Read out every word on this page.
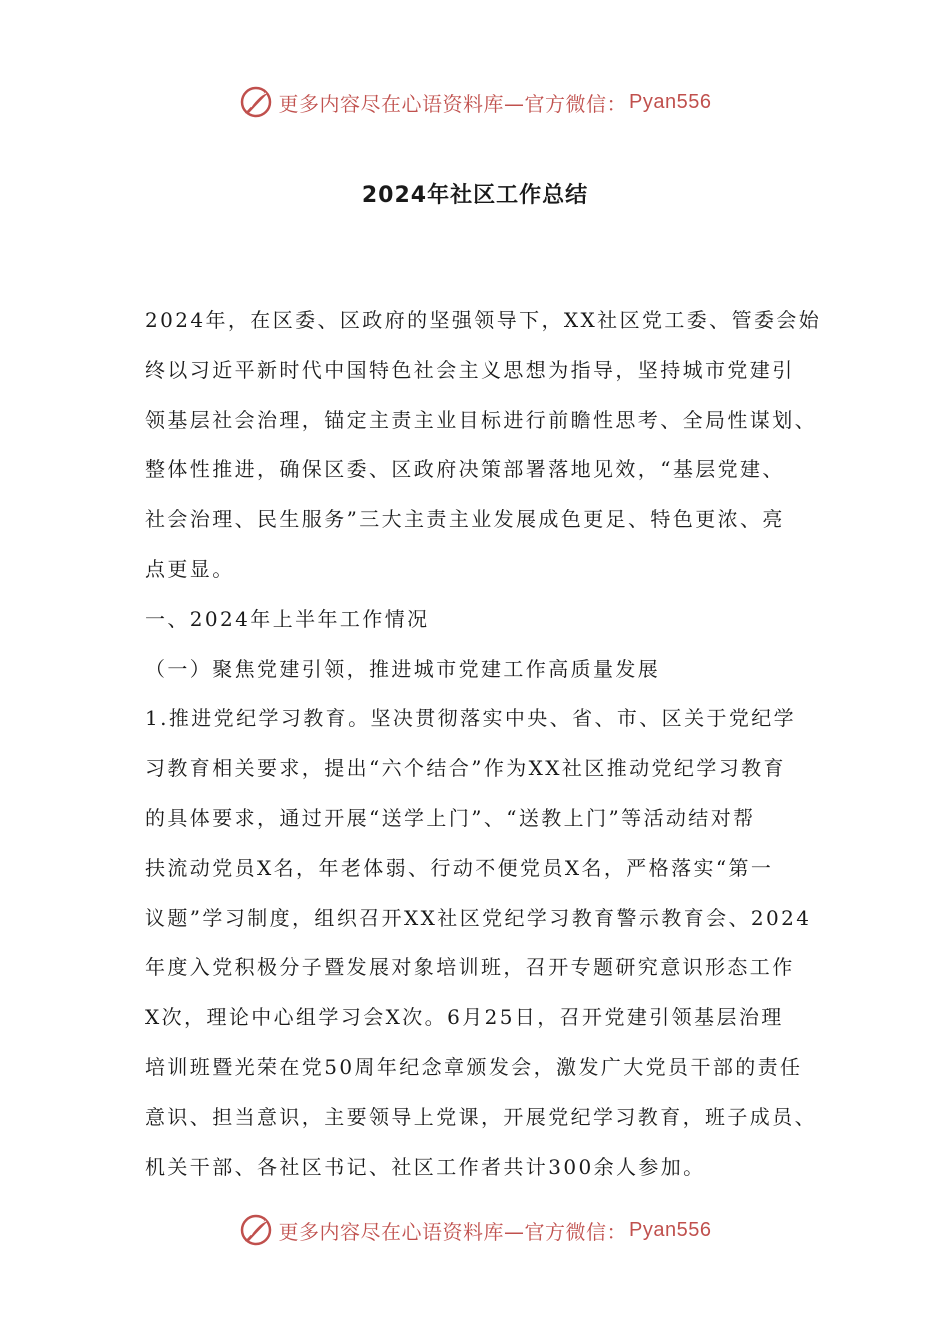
更多内容尽在心语资料库—官方微信： Pyan556
2024年社区工作总结
2024年，在区委、区政府的坚强领导下，XX社区党工委、管委会始
终以习近平新时代中国特色社会主义思想为指导，坚持城市党建引
领基层社会治理，锚定主责主业目标进行前瞻性思考、全局性谋划、
整体性推进，确保区委、区政府决策部署落地见效，“基层党建、
社会治理、民生服务”三大主责主业发展成色更足、特色更浓、亮
点更显。
一、2024年上半年工作情况
（一）聚焦党建引领，推进城市党建工作高质量发展
1.推进党纪学习教育。坚决贯彻落实中央、省、市、区关于党纪学
习教育相关要求，提出“六个结合”作为XX社区推动党纪学习教育
的具体要求，通过开展“送学上门”、“送教上门”等活动结对帮
扶流动党员X名，年老体弱、行动不便党员X名，严格落实“第一
议题”学习制度，组织召开XX社区党纪学习教育警示教育会、2024
年度入党积极分子暨发展对象培训班，召开专题研究意识形态工作
X次，理论中心组学习会X次。6月25日，召开党建引领基层治理
培训班暨光荣在党50周年纪念章颁发会，激发广大党员干部的责任
意识、担当意识，主要领导上党课，开展党纪学习教育，班子成员、
机关干部、各社区书记、社区工作者共计300余人参加。
更多内容尽在心语资料库—官方微信： Pyan556
